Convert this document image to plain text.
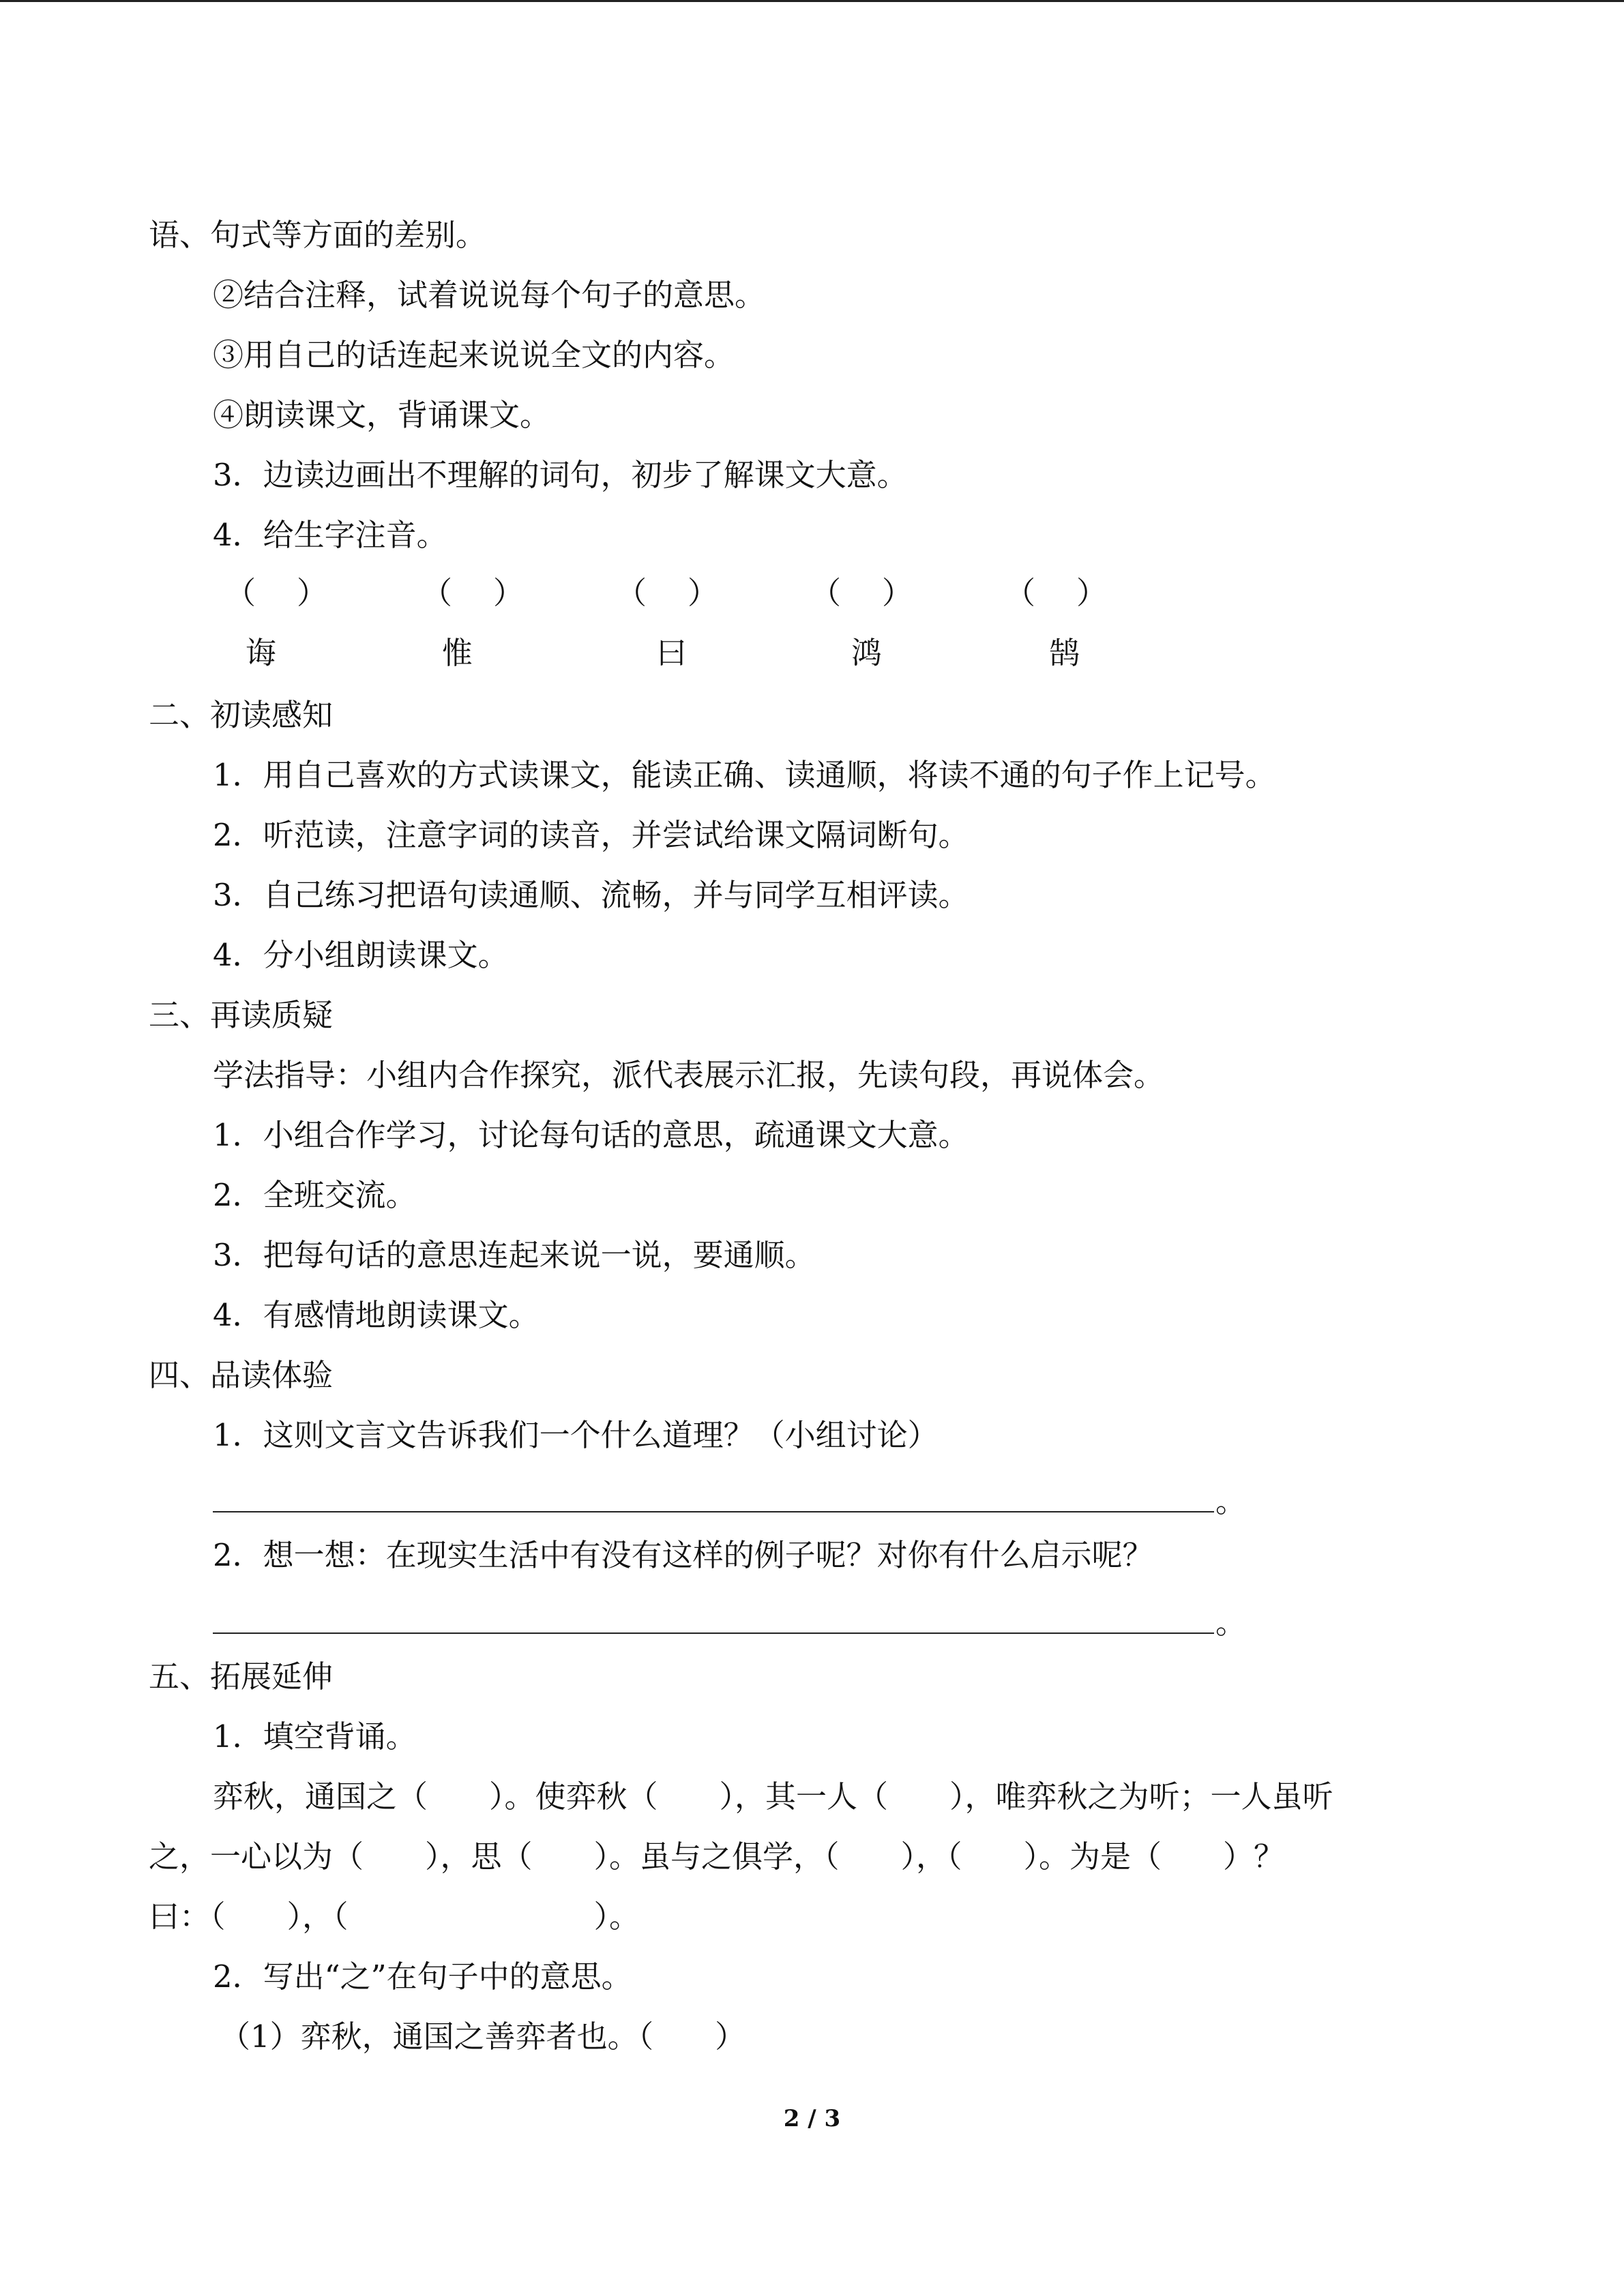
语、句式等方面的差别。
②结合注释，试着说说每个句子的意思。
③用自己的话连起来说说全文的内容。
④朗读课文，背诵课文。
3．边读边画出不理解的词句，初步了解课文大意。
4．给生字注音。
（ ）	（ ）	（ ）	（ ）	（ ）
诲	惟	曰	鸿	鹄
二、初读感知
1．用自己喜欢的方式读课文，能读正确、读通顺，将读不通的句子作上记号。
2．听范读，注意字词的读音，并尝试给课文隔词断句。
3．自己练习把语句读通顺、流畅，并与同学互相评读。
4．分小组朗读课文。
三、再读质疑
学法指导：小组内合作探究，派代表展示汇报，先读句段，再说体会。
1．小组合作学习，讨论每句话的意思，疏通课文大意。
2．全班交流。
3．把每句话的意思连起来说一说，要通顺。
4．有感情地朗读课文。
四、品读体验
1．这则文言文告诉我们一个什么道理？（小组讨论）
。
2．想一想：在现实生活中有没有这样的例子呢？对你有什么启示呢？
。
五、拓展延伸
1．填空背诵。
弈秋，通国之（　　）。使弈秋（　　），其一人（　　），唯弈秋之为听；一人虽听
之，一心以为（　　），思（　　）。虽与之俱学，（　　），（　　）。为是（　　）？
曰：（　　），（　　　　　　　　）。
2．写出“之”在句子中的意思。
（1）弈秋，通国之善弈者也。（　　）
2 / 3
